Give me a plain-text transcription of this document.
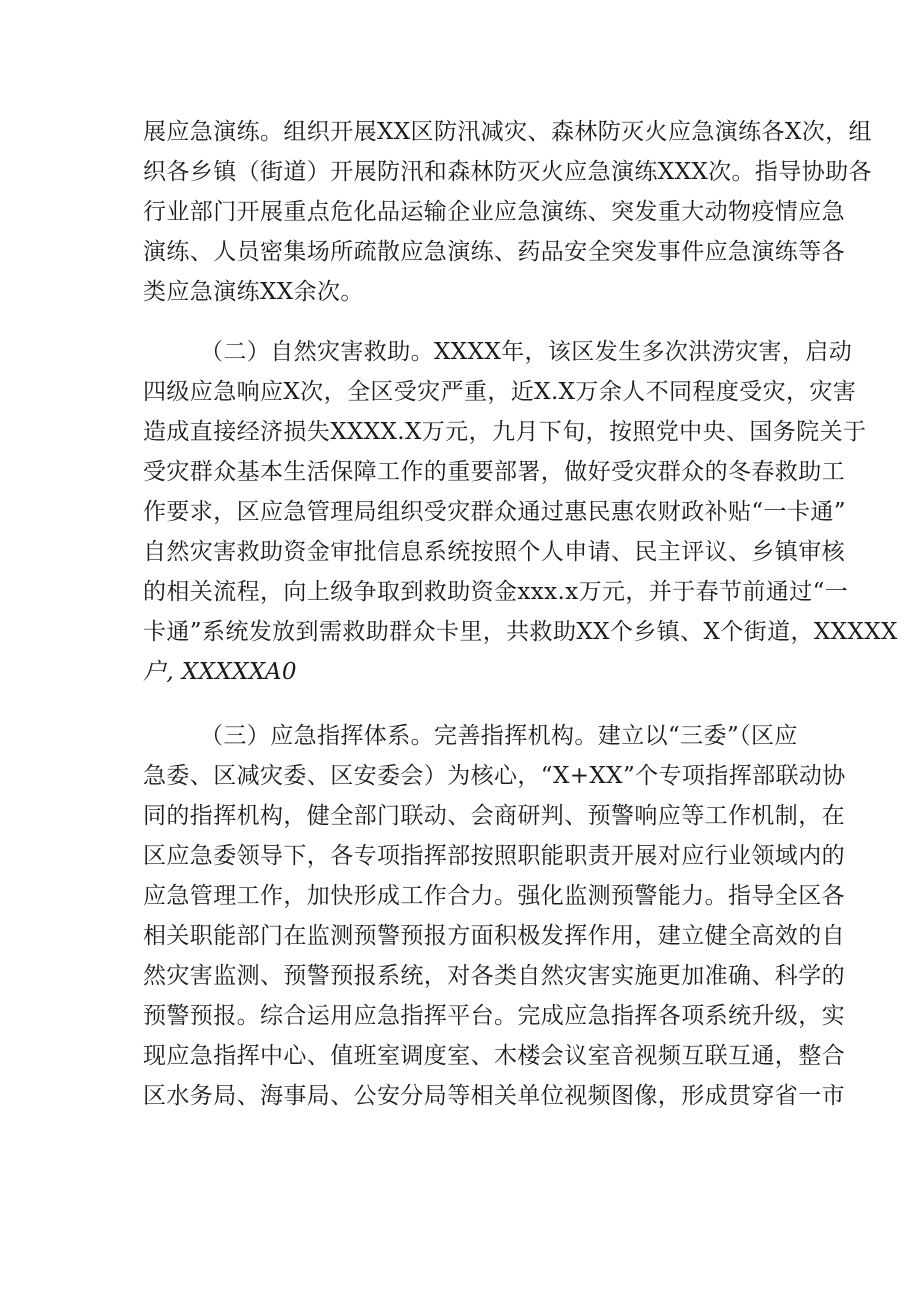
展应急演练。组织开展XX区防汛减灾、森林防灭火应急演练各X次，组
织各乡镇（街道）开展防汛和森林防灭火应急演练XXX次。指导协助各
行业部门开展重点危化品运输企业应急演练、突发重大动物疫情应急
演练、人员密集场所疏散应急演练、药品安全突发事件应急演练等各
类应急演练XX余次。
（二）自然灾害救助。XXXX年，该区发生多次洪涝灾害，启动
四级应急响应X次，全区受灾严重，近X.X万余人不同程度受灾，灾害
造成直接经济损失XXXX.X万元，九月下旬，按照党中央、国务院关于
受灾群众基本生活保障工作的重要部署，做好受灾群众的冬春救助工
作要求，区应急管理局组织受灾群众通过惠民惠农财政补贴“一卡通”
自然灾害救助资金审批信息系统按照个人申请、民主评议、乡镇审核
的相关流程，向上级争取到救助资金xxx.x万元，并于春节前通过“一
卡通”系统发放到需救助群众卡里，共救助XX个乡镇、X个街道，XXXXX
户, XXXXXA0
（三）应急指挥体系。完善指挥机构。建立以“三委”（区应
急委、区减灾委、区安委会）为核心，“X+XX”个专项指挥部联动协
同的指挥机构，健全部门联动、会商研判、预警响应等工作机制，在
区应急委领导下，各专项指挥部按照职能职责开展对应行业领域内的
应急管理工作，加快形成工作合力。强化监测预警能力。指导全区各
相关职能部门在监测预警预报方面积极发挥作用，建立健全高效的自
然灾害监测、预警预报系统，对各类自然灾害实施更加准确、科学的
预警预报。综合运用应急指挥平台。完成应急指挥各项系统升级，实
现应急指挥中心、值班室调度室、木楼会议室音视频互联互通，整合
区水务局、海事局、公安分局等相关单位视频图像，形成贯穿省一市
